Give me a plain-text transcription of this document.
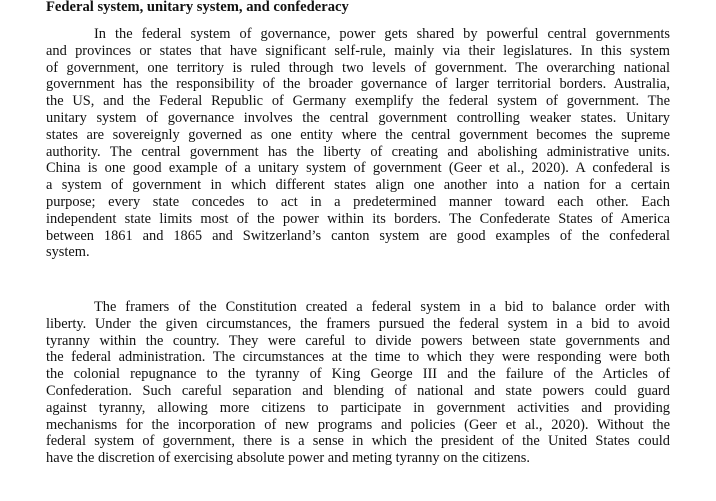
Federal system, unitary system, and confederacy
In the federal system of governance, power gets shared by powerful central governments
and provinces or states that have significant self-rule, mainly via their legislatures. In this system
of government, one territory is ruled through two levels of government. The overarching national
government has the responsibility of the broader governance of larger territorial borders. Australia,
the US, and the Federal Republic of Germany exemplify the federal system of government. The
unitary system of governance involves the central government controlling weaker states. Unitary
states are sovereignly governed as one entity where the central government becomes the supreme
authority. The central government has the liberty of creating and abolishing administrative units.
China is one good example of a unitary system of government (Geer et al., 2020). A confederal is
a system of government in which different states align one another into a nation for a certain
purpose; every state concedes to act in a predetermined manner toward each other. Each
independent state limits most of the power within its borders. The Confederate States of America
between 1861 and 1865 and Switzerland’s canton system are good examples of the confederal
system.
The framers of the Constitution created a federal system in a bid to balance order with
liberty. Under the given circumstances, the framers pursued the federal system in a bid to avoid
tyranny within the country. They were careful to divide powers between state governments and
the federal administration. The circumstances at the time to which they were responding were both
the colonial repugnance to the tyranny of King George III and the failure of the Articles of
Confederation. Such careful separation and blending of national and state powers could guard
against tyranny, allowing more citizens to participate in government activities and providing
mechanisms for the incorporation of new programs and policies (Geer et al., 2020). Without the
federal system of government, there is a sense in which the president of the United States could
have the discretion of exercising absolute power and meting tyranny on the citizens.
